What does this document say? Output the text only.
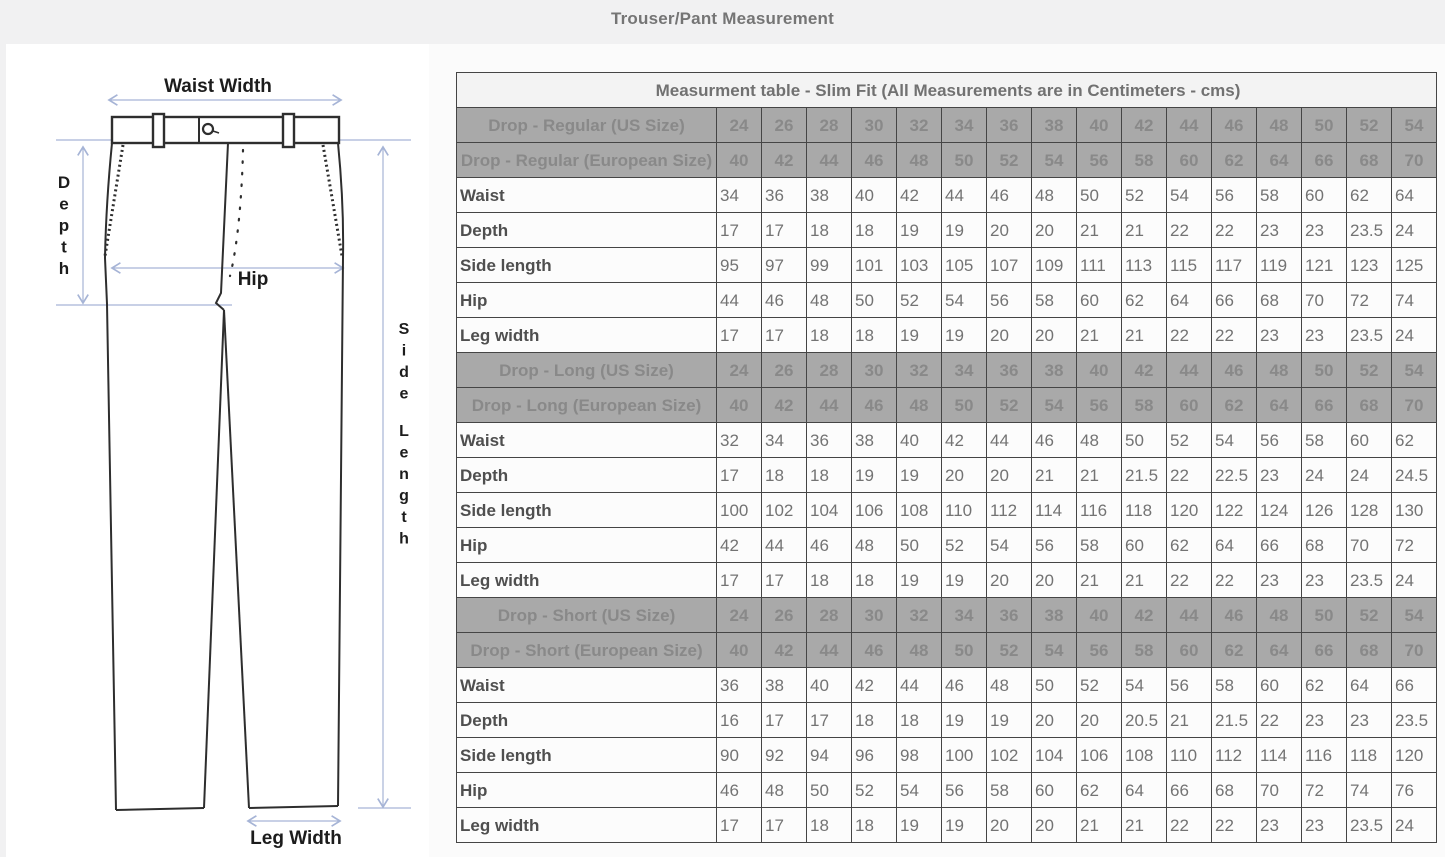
Trouser/Pant Measurement
Waist Width
D e p t h
Hip
S i d e L e n g t h
Leg Width
Measurment table - Slim Fit (All Measurements are in Centimeters - cms)																
Drop - Regular (US Size)	24	26	28	30	32	34	36	38	40	42	44	46	48	50	52	54
Drop - Regular (European Size)	40	42	44	46	48	50	52	54	56	58	60	62	64	66	68	70
Waist	34	36	38	40	42	44	46	48	50	52	54	56	58	60	62	64
Depth	17	17	18	18	19	19	20	20	21	21	22	22	23	23	23.5	24
Side length	95	97	99	101	103	105	107	109	111	113	115	117	119	121	123	125
Hip	44	46	48	50	52	54	56	58	60	62	64	66	68	70	72	74
Leg width	17	17	18	18	19	19	20	20	21	21	22	22	23	23	23.5	24
Drop - Long (US Size)	24	26	28	30	32	34	36	38	40	42	44	46	48	50	52	54
Drop - Long (European Size)	40	42	44	46	48	50	52	54	56	58	60	62	64	66	68	70
Waist	32	34	36	38	40	42	44	46	48	50	52	54	56	58	60	62
Depth	17	18	18	19	19	20	20	21	21	21.5	22	22.5	23	24	24	24.5
Side length	100	102	104	106	108	110	112	114	116	118	120	122	124	126	128	130
Hip	42	44	46	48	50	52	54	56	58	60	62	64	66	68	70	72
Leg width	17	17	18	18	19	19	20	20	21	21	22	22	23	23	23.5	24
Drop - Short (US Size)	24	26	28	30	32	34	36	38	40	42	44	46	48	50	52	54
Drop - Short (European Size)	40	42	44	46	48	50	52	54	56	58	60	62	64	66	68	70
Waist	36	38	40	42	44	46	48	50	52	54	56	58	60	62	64	66
Depth	16	17	17	18	18	19	19	20	20	20.5	21	21.5	22	23	23	23.5
Side length	90	92	94	96	98	100	102	104	106	108	110	112	114	116	118	120
Hip	46	48	50	52	54	56	58	60	62	64	66	68	70	72	74	76
Leg width	17	17	18	18	19	19	20	20	21	21	22	22	23	23	23.5	24
